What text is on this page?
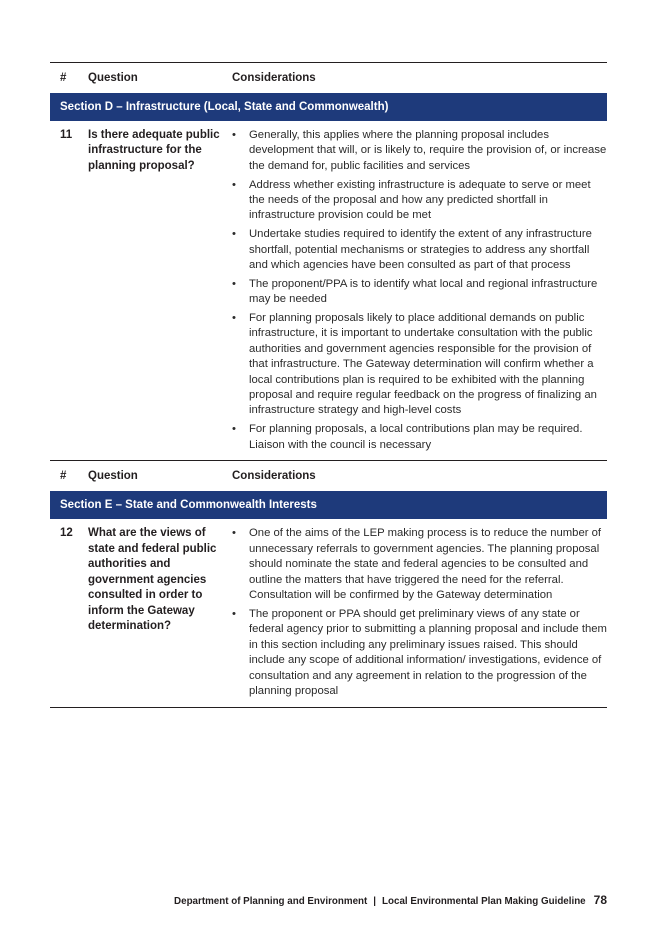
#	Question	Considerations
Section D – Infrastructure (Local, State and Commonwealth)
11	Is there adequate public infrastructure for the planning proposal?
• Generally, this applies where the planning proposal includes development that will, or is likely to, require the provision of, or increase the demand for, public facilities and services
• Address whether existing infrastructure is adequate to serve or meet the needs of the proposal and how any predicted shortfall in infrastructure provision could be met
• Undertake studies required to identify the extent of any infrastructure shortfall, potential mechanisms or strategies to address any shortfall and which agencies have been consulted as part of that process
• The proponent/PPA is to identify what local and regional infrastructure may be needed
• For planning proposals likely to place additional demands on public infrastructure, it is important to undertake consultation with the public authorities and government agencies responsible for the provision of that infrastructure. The Gateway determination will confirm whether a local contributions plan is required to be exhibited with the planning proposal and require regular feedback on the progress of finalizing an infrastructure strategy and high-level costs
• For planning proposals, a local contributions plan may be required. Liaison with the council is necessary
#	Question	Considerations
Section E – State and Commonwealth Interests
12	What are the views of state and federal public authorities and government agencies consulted in order to inform the Gateway determination?
• One of the aims of the LEP making process is to reduce the number of unnecessary referrals to government agencies. The planning proposal should nominate the state and federal agencies to be consulted and outline the matters that have triggered the need for the referral. Consultation will be confirmed by the Gateway determination
• The proponent or PPA should get preliminary views of any state or federal agency prior to submitting a planning proposal and include them in this section including any preliminary issues raised. This should include any scope of additional information/ investigations, evidence of consultation and any agreement in relation to the progression of the planning proposal
Department of Planning and Environment | Local Environmental Plan Making Guideline 78
